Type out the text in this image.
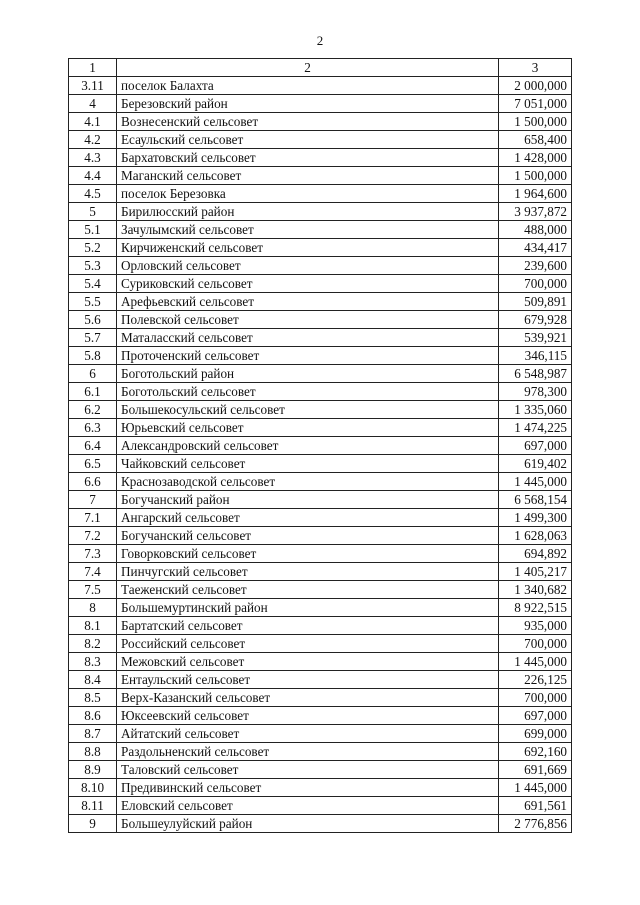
2
1	2	3
3.11	поселок Балахта	2 000,000
4	Березовский район	7 051,000
4.1	Вознесенский сельсовет	1 500,000
4.2	Есаульский сельсовет	658,400
4.3	Бархатовский сельсовет	1 428,000
4.4	Маганский сельсовет	1 500,000
4.5	поселок Березовка	1 964,600
5	Бирилюсский район	3 937,872
5.1	Зачулымский сельсовет	488,000
5.2	Кирчиженский сельсовет	434,417
5.3	Орловский сельсовет	239,600
5.4	Суриковский сельсовет	700,000
5.5	Арефьевский сельсовет	509,891
5.6	Полевской сельсовет	679,928
5.7	Маталасский сельсовет	539,921
5.8	Проточенский сельсовет	346,115
6	Боготольский район	6 548,987
6.1	Боготольский сельсовет	978,300
6.2	Большекосульский сельсовет	1 335,060
6.3	Юрьевский сельсовет	1 474,225
6.4	Александровский сельсовет	697,000
6.5	Чайковский сельсовет	619,402
6.6	Краснозаводской сельсовет	1 445,000
7	Богучанский район	6 568,154
7.1	Ангарский сельсовет	1 499,300
7.2	Богучанский сельсовет	1 628,063
7.3	Говорковский сельсовет	694,892
7.4	Пинчугский сельсовет	1 405,217
7.5	Таеженский сельсовет	1 340,682
8	Большемуртинский район	8 922,515
8.1	Бартатский сельсовет	935,000
8.2	Российский сельсовет	700,000
8.3	Межовский сельсовет	1 445,000
8.4	Ентаульский сельсовет	226,125
8.5	Верх-Казанский сельсовет	700,000
8.6	Юксеевский сельсовет	697,000
8.7	Айтатский сельсовет	699,000
8.8	Раздольненский сельсовет	692,160
8.9	Таловский сельсовет	691,669
8.10	Предивинский сельсовет	1 445,000
8.11	Еловский сельсовет	691,561
9	Большеулуйский район	2 776,856
